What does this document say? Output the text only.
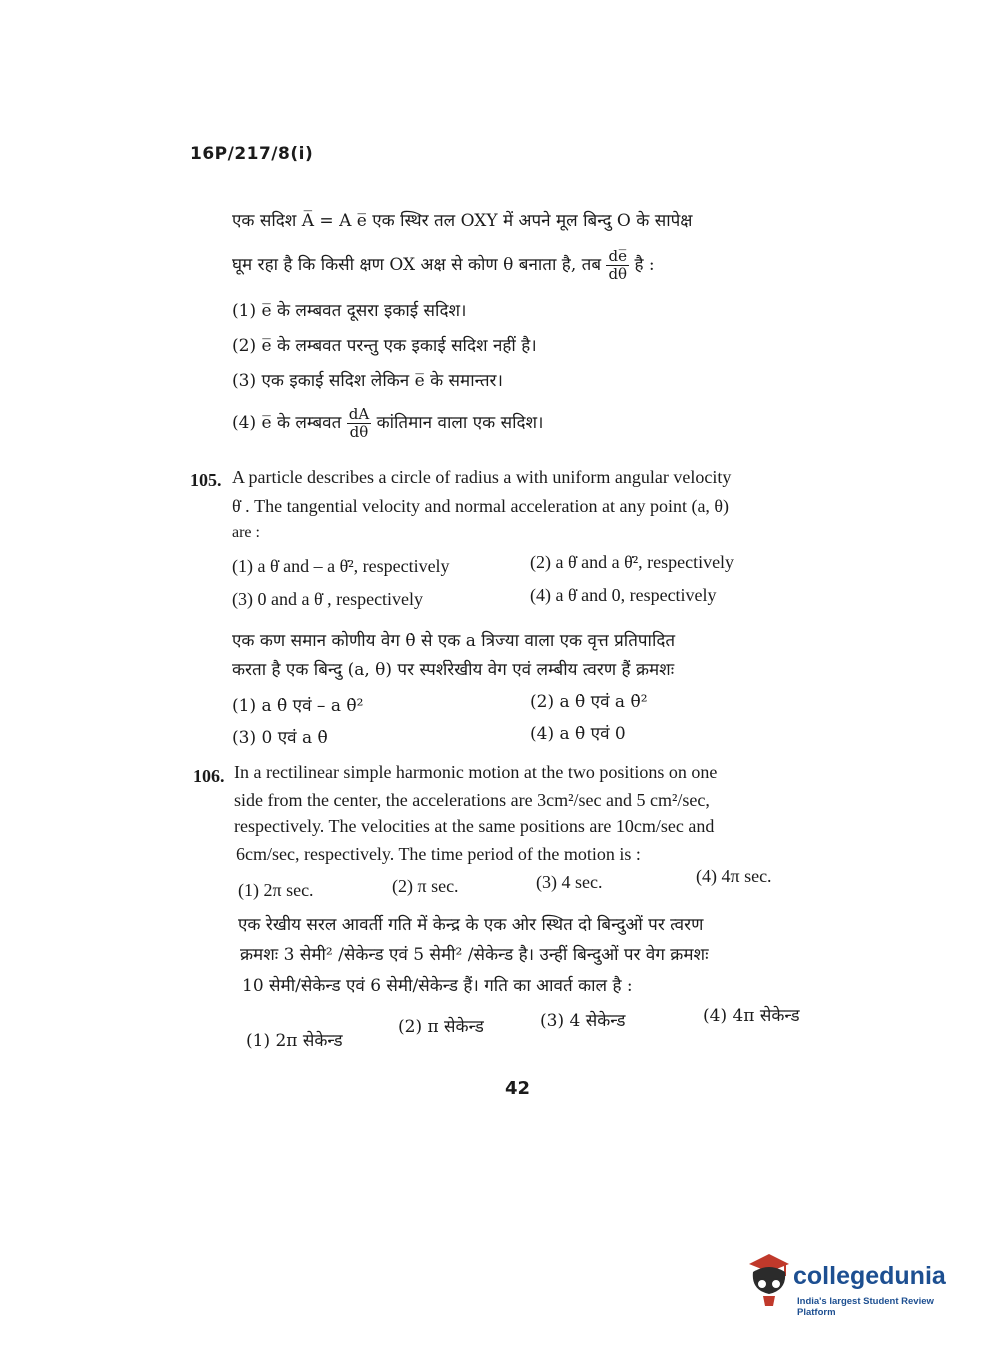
16P/217/8(i)
एक सदिश A̅ = A e̅ एक स्थिर तल OXY में अपने मूल बिन्दु O के सापेक्ष
घूम रहा है कि किसी क्षण OX अक्ष से कोण θ बनाता है, तब $\frac{de̅}{d\theta}$ है :
(1) e̅ के लम्बवत दूसरा इकाई सदिश।
(2) e̅ के लम्बवत परन्तु एक इकाई सदिश नहीं है।
(3) एक इकाई सदिश लेकिन e̅ के समान्तर।
(4) e̅ के लम्बवत $\frac{dA}{d\theta}$ कांतिमान वाला एक सदिश।
105. A particle describes a circle of radius a with uniform angular velocity
θ̇ . The tangential velocity and normal acceleration at any point (a, θ)
are :
(1) a θ̇ and – a θ̇², respectively	(2) a θ̇ and a θ̇², respectively
(3) 0 and a θ̇ , respectively	(4) a θ̇ and 0, respectively
एक कण समान कोणीय वेग θ̇ से एक a त्रिज्या वाला एक वृत्त प्रतिपादित
करता है एक बिन्दु (a, θ) पर स्पर्शरेखीय वेग एवं लम्बीय त्वरण हैं क्रमशः
(1) a θ̇ एवं – a θ̇²	(2) a θ̇ एवं a θ̇²
(3) 0 एवं a θ̇	(4) a θ̇ एवं 0
106. In a rectilinear simple harmonic motion at the two positions on one
side from the center, the accelerations are 3cm²/sec and 5 cm²/sec,
respectively. The velocities at the same positions are 10cm/sec and
6cm/sec, respectively. The time period of the motion is :
(1) 2π sec.	(2) π sec.	(3) 4 sec.	(4) 4π sec.
एक रेखीय सरल आवर्ती गति में केन्द्र के एक ओर स्थित दो बिन्दुओं पर त्वरण
क्रमशः 3 सेमी² /सेकेन्ड एवं 5 सेमी² /सेकेन्ड है। उन्हीं बिन्दुओं पर वेग क्रमशः
10 सेमी/सेकेन्ड एवं 6 सेमी/सेकेन्ड हैं। गति का आवर्त काल है :
(1) 2π सेकेन्ड
(2) π सेकेन्ड	(3) 4 सेकेन्ड	(4) 4π सेकेन्ड
42
collegedunia
India's largest Student Review Platform
